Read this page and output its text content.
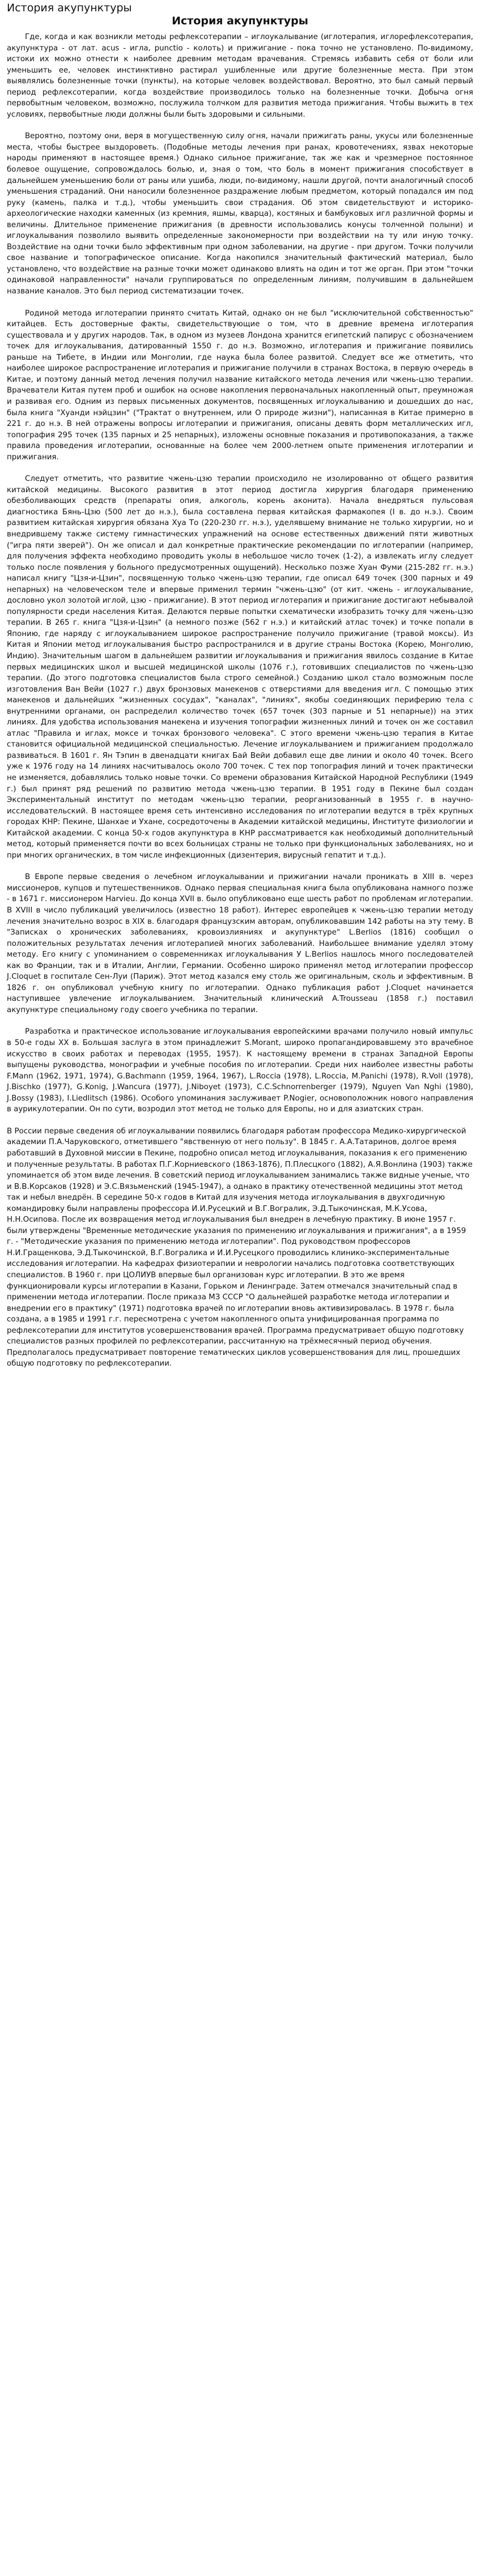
История акупунктуры
История акупунктуры
Где, когда и как возникли методы рефлексотерапии – иглоукалывание (иглотерапия, иглорефлексотерапия, акупунктура - от лат. acus - игла, punctio - колоть) и прижигание - пока точно не установлено. По-видимому, истоки их можно отнести к наиболее древним методам врачевания. Стремясь избавить себя от боли или уменьшить ее, человек инстинктивно растирал ушибленные или другие болезненные места. При этом выявлялись болезненные точки (пункты), на которые человек воздействовал. Вероятно, это был самый первый период рефлексотерапии, когда воздействие производилось только на болезненные точки. Добыча огня первобытным человеком, возможно, послужила толчком для развития метода прижигания. Чтобы выжить в тех условиях, первобытные люди должны были быть здоровыми и сильными.
Вероятно, поэтому они, веря в могущественную силу огня, начали прижигать раны, укусы или болезненные места, чтобы быстрее выздороветь. (Подобные методы лечения при ранах, кровотечениях, язвах некоторые народы применяют в настоящее время.) Однако сильное прижигание, так же как и чрезмерное постоянное болевое ощущение, сопровождалось болью, и, зная о том, что боль в момент прижигания способствует в дальнейшем уменьшению боли от раны или ушиба, люди, по-видимому, нашли другой, почти аналогичный способ уменьшения страданий. Они наносили болезненное раздражение любым предметом, который попадался им под руку (камень, палка и т.д.), чтобы уменьшить свои страдания. Об этом свидетельствуют и историко-археологические находки каменных (из кремния, яшмы, кварца), костяных и бамбуковых игл различной формы и величины. Длительное применение прижигания (в древности использовались конусы толченной полыни) и иглоукалывания позволило выявить определенные закономерности при воздействии на ту или иную точку. Воздействие на одни точки было эффективным при одном заболевании, на другие - при другом. Точки получили свое название и топографическое описание. Когда накопился значительный фактический материал, было установлено, что воздействие на разные точки может одинаково влиять на один и тот же орган. При этом "точки одинаковой направленности" начали группироваться по определенным линиям, получившим в дальнейшем название каналов. Это был период систематизации точек.
Родиной метода иглотерапии принято считать Китай, однако он не был "исключительной собственностью" китайцев. Есть достоверные факты, свидетельствующие о том, что в древние времена иглотерапия существовала и у других народов. Так, в одном из музеев Лондона хранится египетский папирус с обозначением точек для иглоукалывания, датированный 1550 г. до н.э. Возможно, иглотерапия и прижигание появились раньше на Тибете, в Индии или Монголии, где наука была более развитой. Следует все же отметить, что наиболее широкое распространение иглотерапия и прижигание получили в странах Востока, в первую очередь в Китае, и поэтому данный метод лечения получил название китайского метода лечения или чжень-цзю терапии. Врачеватели Китая путем проб и ошибок на основе накопления первоначальных накопленный опыт, преумножая и развивая его. Одним из первых письменных документов, посвященных иглоукалыванию и дошедших до нас, была книга "Хуанди нэйцзин" ("Трактат о внутреннем, или О природе жизни"), написанная в Китае примерно в 221 г. до н.э. В ней отражены вопросы иглотерапии и прижигания, описаны девять форм металлических игл, топография 295 точек (135 парных и 25 непарных), изложены основные показания и противопоказания, а также правила проведения иглотерапии, основанные на более чем 2000-летнем опыте применения иглотерапии и прижигания.
Следует отметить, что развитие чжень-цзю терапии происходило не изолированно от общего развития китайской медицины. Высокого развития в этот период достигла хирургия благодаря применению обезболивающих средств (препараты опия, алкоголь, корень аконита). Начала внедряться пульсовая диагностика Бянь-Цзю (500 лет до н.э.), была составлена первая китайская фармакопея (I в. до н.э.). Своим развитием китайская хирургия обязана Хуа То (220-230 гг. н.э.), уделявшему внимание не только хирургии, но и внедрившему также систему гимнастических упражнений на основе естественных движений пяти животных ("игра пяти зверей"). Он же описал и дал конкретные практические рекомендации по иглотерапии (например, для получения эффекта необходимо проводить уколы в небольшое число точек (1-2), а извлекать иглу следует только после появления у больного предусмотренных ощущений). Несколько позже Хуан Фуми (215-282 гг. н.э.) написал книгу "Цзя-и-Цзин", посвященную только чжень-цзю терапии, где описал 649 точек (300 парных и 49 непарных) на человеческом теле и впервые применил термин "чжень-цзю" (от кит. чжень - иглоукалывание, дословно укол золотой иглой, цзю - прижигание). В этот период иглотерапия и прижигание достигают небывалой популярности среди населения Китая. Делаются первые попытки схематически изобразить точку для чжень-цзю терапии. В 265 г. книга "Цзя-и-Цзин" (а немного позже (562 г н.э.) и китайский атлас точек) и точке попали в Японию, где наряду с иглоукалыванием широкое распространение получило прижигание (травой моксы). Из Китая и Японии метод иглоукалывания быстро распространился и в другие страны Востока (Корею, Монголию, Индию). Значительным шагом в дальнейшем развитии иглоукалывания и прижигания явилось создание в Китае первых медицинских школ и высшей медицинской школы (1076 г.), готовивших специалистов по чжень-цзю терапии. (До этого подготовка специалистов была строго семейной.) Созданию школ стало возможным после изготовления Ван Вейи (1027 г.) двух бронзовых манекенов с отверстиями для введения игл. С помощью этих манекенов и дальнейших "жизненных сосудах", "каналах", "линиях", якобы соединяющих периферию тела с внутренними органами, он распределил количество точек (657 точек (303 парные и 51 непарные)) на этих линиях. Для удобства использования манекена и изучения топографии жизненных линий и точек он же составил атлас "Правила и иглах, моксе и точках бронзового человека". С этого времени чжень-цзю терапия в Китае становится официальной медицинской специальностью. Лечение иглоукалыванием и прижиганием продолжало развиваться. В 1601 г. Ян Тэпин в двенадцати книгах Бай Вейи добавил еще две линии и около 40 точек. Всего уже к 1976 году на 14 линиях насчитывалось около 700 точек. С тех пор топография линий и точек практически не изменяется, добавлялись только новые точки. Со времени образования Китайской Народной Республики (1949 г.) был принят ряд решений по развитию метода чжень-цзю терапии. В 1951 году в Пекине был создан Экспериментальный институт по методам чжень-цзю терапии, реорганизованный в 1955 г. в научно-исследовательский. В настоящее время сеть интенсивно исследования по иглотерапии ведутся в трёх крупных городах КНР: Пекине, Шанхае и Ухане, сосредоточены в Академии китайской медицины, Институте физиологии и Китайской академии. С конца 50-х годов акупунктура в КНР рассматривается как необходимый дополнительный метод, который применяется почти во всех больницах страны не только при функциональных заболеваниях, но и при многих органических, в том числе инфекционных (дизентерия, вирусный гепатит и т.д.).
В Европе первые сведения о лечебном иглоукалывании и прижигании начали проникать в XIII в. через миссионеров, купцов и путешественников. Однако первая специальная книга была опубликована намного позже - в 1671 г. миссионером Harvieu. До конца XVII в. было опубликовано еще шесть работ по проблемам иглотерапии. В XVIII в число публикаций увеличилось (известно 18 работ). Интерес европейцев к чжень-цзю терапии методу лечения значительно возрос в XIX в. благодаря французским авторам, опубликовавшим 142 работы на эту тему. В "Записках о хронических заболеваниях, кровоизлияниях и акупунктуре" L.Berlios (1816) сообщил о положительных результатах лечения иглотерапией многих заболеваний. Наибольшее внимание уделял этому методу. Его книгу с упоминанием о современниках иглоукалывания У L.Berlios нашлось много последователей как во Франции, так и в Италии, Англии, Германии. Особенно широко применял метод иглотерапии профессор J.Cloquet в госпитале Сен-Луи (Париж). Этот метод казался ему столь же оригинальным, сколь и эффективным. В 1826 г. он опубликовал учебную книгу по иглотерапии. Однако публикация работ J.Cloquet начинается наступившее увлечение иглоукалыванием. Значительный клинический A.Trousseau (1858 г.) поставил акупунктуре специальному году своего учебника по терапии.
Разработка и практическое использование иглоукалывания европейскими врачами получило новый импульс в 50-е годы XX в. Большая заслуга в этом принадлежит S.Morant, широко пропагандировавшему это врачебное искусство в своих работах и переводах (1955, 1957). К настоящему времени в странах Западной Европы выпущены руководства, монографии и учебные пособия по иглотерапии. Среди них наиболее известны работы F.Mann (1962, 1971, 1974), G.Bachmann (1959, 1964, 1967), L.Roccia (1978), L.Roccia, M.Panichi (1978), R.Voll (1978), J.Bischko (1977), G.Konig, J.Wancura (1977), J.Niboyet (1973), C.C.Schnorrenberger (1979), Nguyen Van Nghi (1980), J.Bossy (1983), I.Liedlitsch (1986). Особого упоминания заслуживает P.Nogier, основоположник нового направления в аурикулотерапии. Он по сути, возродил этот метод не только для Европы, но и для азиатских стран.
В России первые сведения об иглоукалывании появились благодаря работам профессора Медико-хирургической академии П.А.Чаруковского, отметившего "явственную от него пользу". В 1845 г. А.А.Татаринов, долгое время работавший в Духовной миссии в Пекине, подробно описал метод иглоукалывания, показания к его применению и полученные результаты. В работах П.Г.Корниевского (1863-1876), П.Плесцкого (1882), А.Я.Вонлина (1903) также упоминается об этом виде лечения. В советский период иглоукалыванием занимались также видные ученые, что и В.В.Корсаков (1928) и Э.С.Вязьменский (1945-1947), а однако в практику отечественной медицины этот метод так и небыл внедрён. В середине 50-х годов в Китай для изучения метода иглоукалывания в двухгодичную командировку были направлены профессора И.И.Русецкий и В.Г.Вогралик, Э.Д.Тыкочинская, М.К.Усова, Н.Н.Осипова. После их возвращения метод иглоукалывания был внедрен в лечебную практику. В июне 1957 г. были утверждены "Временные методические указания по применению иглоукалывания и прижигания", а в 1959 г. - "Методические указания по применению метода иглотерапии". Под руководством профессоров Н.И.Гращенкова, Э.Д.Тыкочинской, В.Г.Вогралика и И.И.Русецкого проводились клинико-экспериментальные исследования иглотерапии. На кафедрах физиотерапии и неврологии начались подготовка соответствующих специалистов. В 1960 г. при ЦОЛИУВ впервые был организован курс иглотерапии. В это же время функционировали курсы иглотерапии в Казани, Горьком и Ленинграде. Затем отмечался значительный спад в применении метода иглотерапии. После приказа МЗ СССР "О дальнейшей разработке метода иглотерапии и внедрении его в практику" (1971) подготовка врачей по иглотерапии вновь активизировалась. В 1978 г. была создана, а в 1985 и 1991 г.г. пересмотрена с учетом накопленного опыта унифицированная программа по рефлексотерапии для институтов усовершенствования врачей. Программа предусматривает общую подготовку специалистов разных профилей по рефлексотерапии, рассчитанную на трёхмесячный период обучения. Предполагалось предусматривает повторение тематических циклов усовершенствования для лиц, прошедших общую подготовку по рефлексотерапии.
